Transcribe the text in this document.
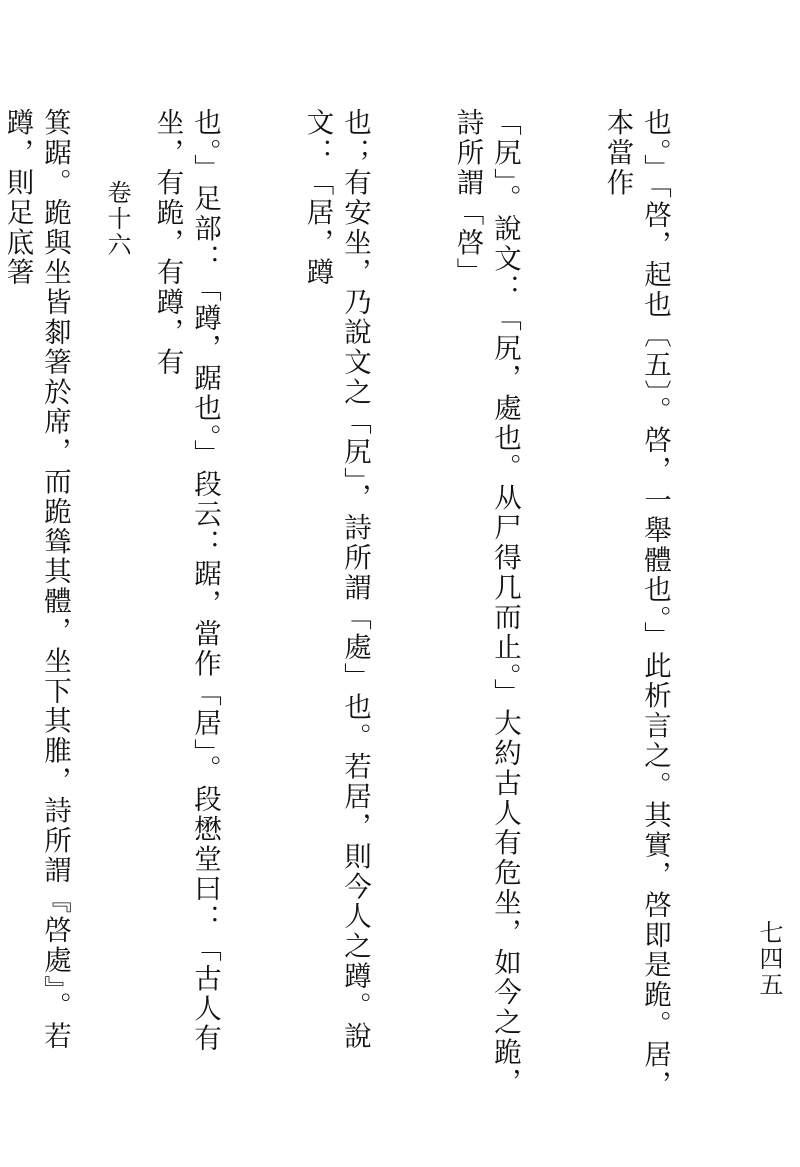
卷十六

	也。」「啓，起也〔五〕。啓，一舉體也。」此析言之。其實，啓即是跪。居，本當作

「尻」。說文：「尻，處也。从尸得几而止。」大約古人有危坐，如今之跪，詩所謂「啓」

也；有安坐，乃說文之「尻」，詩所謂「處」也。若居，則今人之蹲。說文：「居，蹲

也。」足部：「蹲，踞也。」段云：踞，當作「居」。段懋堂曰：「古人有坐，有跪，有蹲，有

箕踞。跪與坐皆厀箸於席，而跪聳其體，坐下其脽，詩所謂『啓處』。若蹲，則足底箸

七四五
